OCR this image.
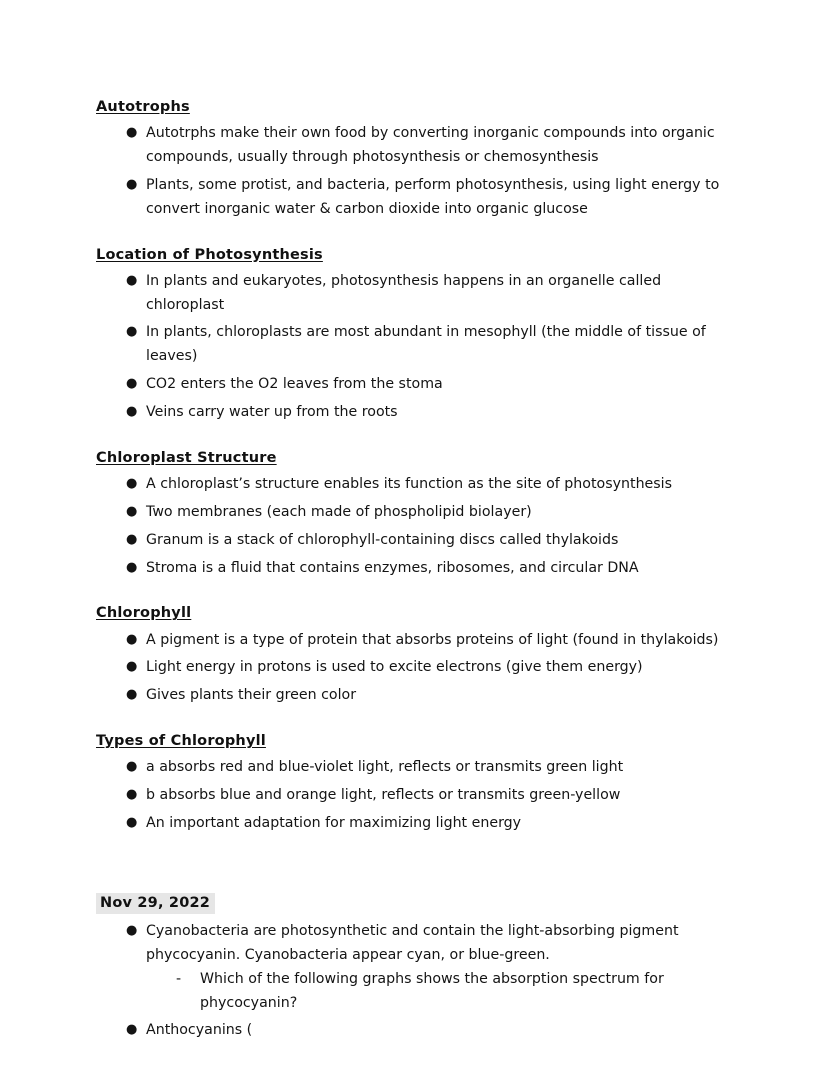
Autotrophs
● Autotrphs make their own food by converting inorganic compounds into organic compounds, usually through photosynthesis or chemosynthesis
● Plants, some protist, and bacteria, perform photosynthesis, using light energy to convert inorganic water & carbon dioxide into organic glucose
Location of Photosynthesis
● In plants and eukaryotes, photosynthesis happens in an organelle called chloroplast
● In plants, chloroplasts are most abundant in mesophyll (the middle of tissue of leaves)
● CO2 enters the O2 leaves from the stoma
● Veins carry water up from the roots
Chloroplast Structure
● A chloroplast’s structure enables its function as the site of photosynthesis
● Two membranes (each made of phospholipid biolayer)
● Granum is a stack of chlorophyll-containing discs called thylakoids
● Stroma is a fluid that contains enzymes, ribosomes, and circular DNA
Chlorophyll
● A pigment is a type of protein that absorbs proteins of light (found in thylakoids)
● Light energy in protons is used to excite electrons (give them energy)
● Gives plants their green color
Types of Chlorophyll
● a absorbs red and blue-violet light, reflects or transmits green light
● b absorbs blue and orange light, reflects or transmits green-yellow
● An important adaptation for maximizing light energy
Nov 29, 2022
● Cyanobacteria are photosynthetic and contain the light-absorbing pigment phycocyanin. Cyanobacteria appear cyan, or blue-green.
-	Which of the following graphs shows the absorption spectrum for phycocyanin?
● Anthocyanins (
